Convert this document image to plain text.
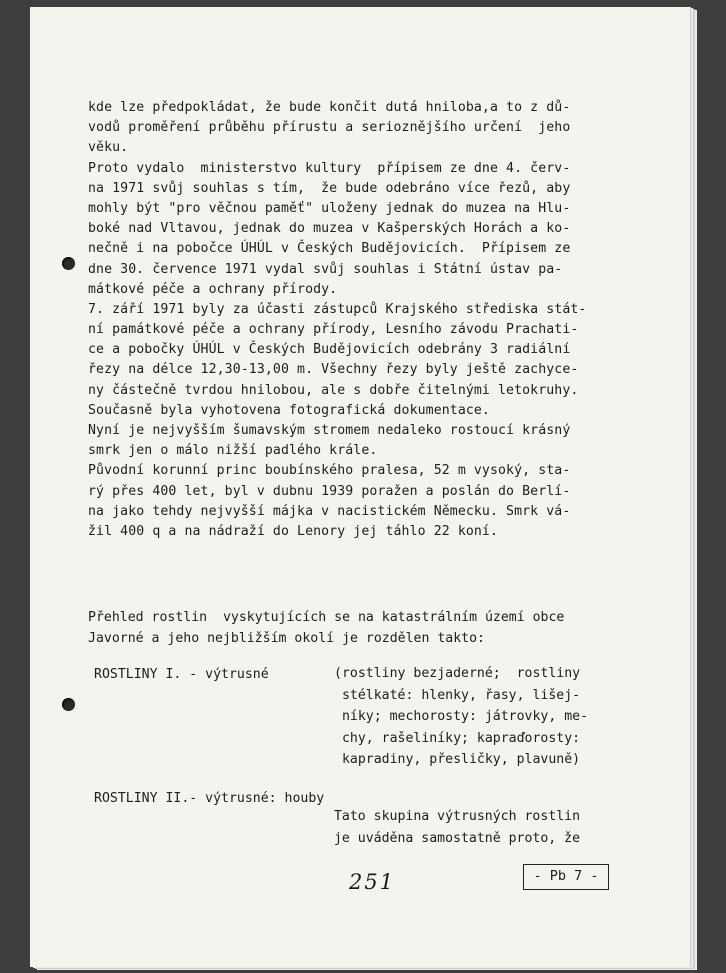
kde lze předpokládat, že bude končit dutá hniloba,a to z dů-
vodů proměření průběhu přírustu a serioznějšího určení  jeho
věku.
Proto vydalo  ministerstvo kultury  přípisem ze dne 4. červ-
na 1971 svůj souhlas s tím,  že bude odebráno více řezů, aby
mohly být "pro věčnou paměť" uloženy jednak do muzea na Hlu-
boké nad Vltavou, jednak do muzea v Kašperských Horách a ko-
nečně i na pobočce ÚHÚL v Českých Budějovicích.  Přípisem ze
dne 30. července 1971 vydal svůj souhlas i Státní ústav pa-
mátkové péče a ochrany přírody.
7. září 1971 byly za účasti zástupců Krajského střediska stát-
ní památkové péče a ochrany přírody, Lesního závodu Prachati-
ce a pobočky ÚHÚL v Českých Budějovicích odebrány 3 radiální
řezy na délce 12,30-13,00 m. Všechny řezy byly ještě zachyce-
ny částečně tvrdou hnilobou, ale s dobře čitelnými letokruhy.
Současně byla vyhotovena fotografická dokumentace.
Nyní je nejvyšším šumavským stromem nedaleko rostoucí krásný
smrk jen o málo nižší padlého krále.
Původní korunní princ boubínského pralesa, 52 m vysoký, sta-
rý přes 400 let, byl v dubnu 1939 poražen a poslán do Berlí-
na jako tehdy nejvyšší májka v nacistickém Německu. Smrk vá-
žil 400 q a na nádraží do Lenory jej táhlo 22 koní.
Přehled rostlin  vyskytujících se na katastrálním území obce
Javorné a jeho nejbližším okolí je rozdělen takto:
ROSTLINY I. - výtrusné	(rostliny bezjaderné;  rostliny
stélkaté: hlenky, řasy, lišej-
níky; mechorosty: játrovky, me-
chy, rašeliníky; kapraďorosty:
kapradiny, přesličky, plavuně)
ROSTLINY II.- výtrusné: houby
Tato skupina výtrusných rostlin
je uváděna samostatně proto, že
251	- Pb 7 -
